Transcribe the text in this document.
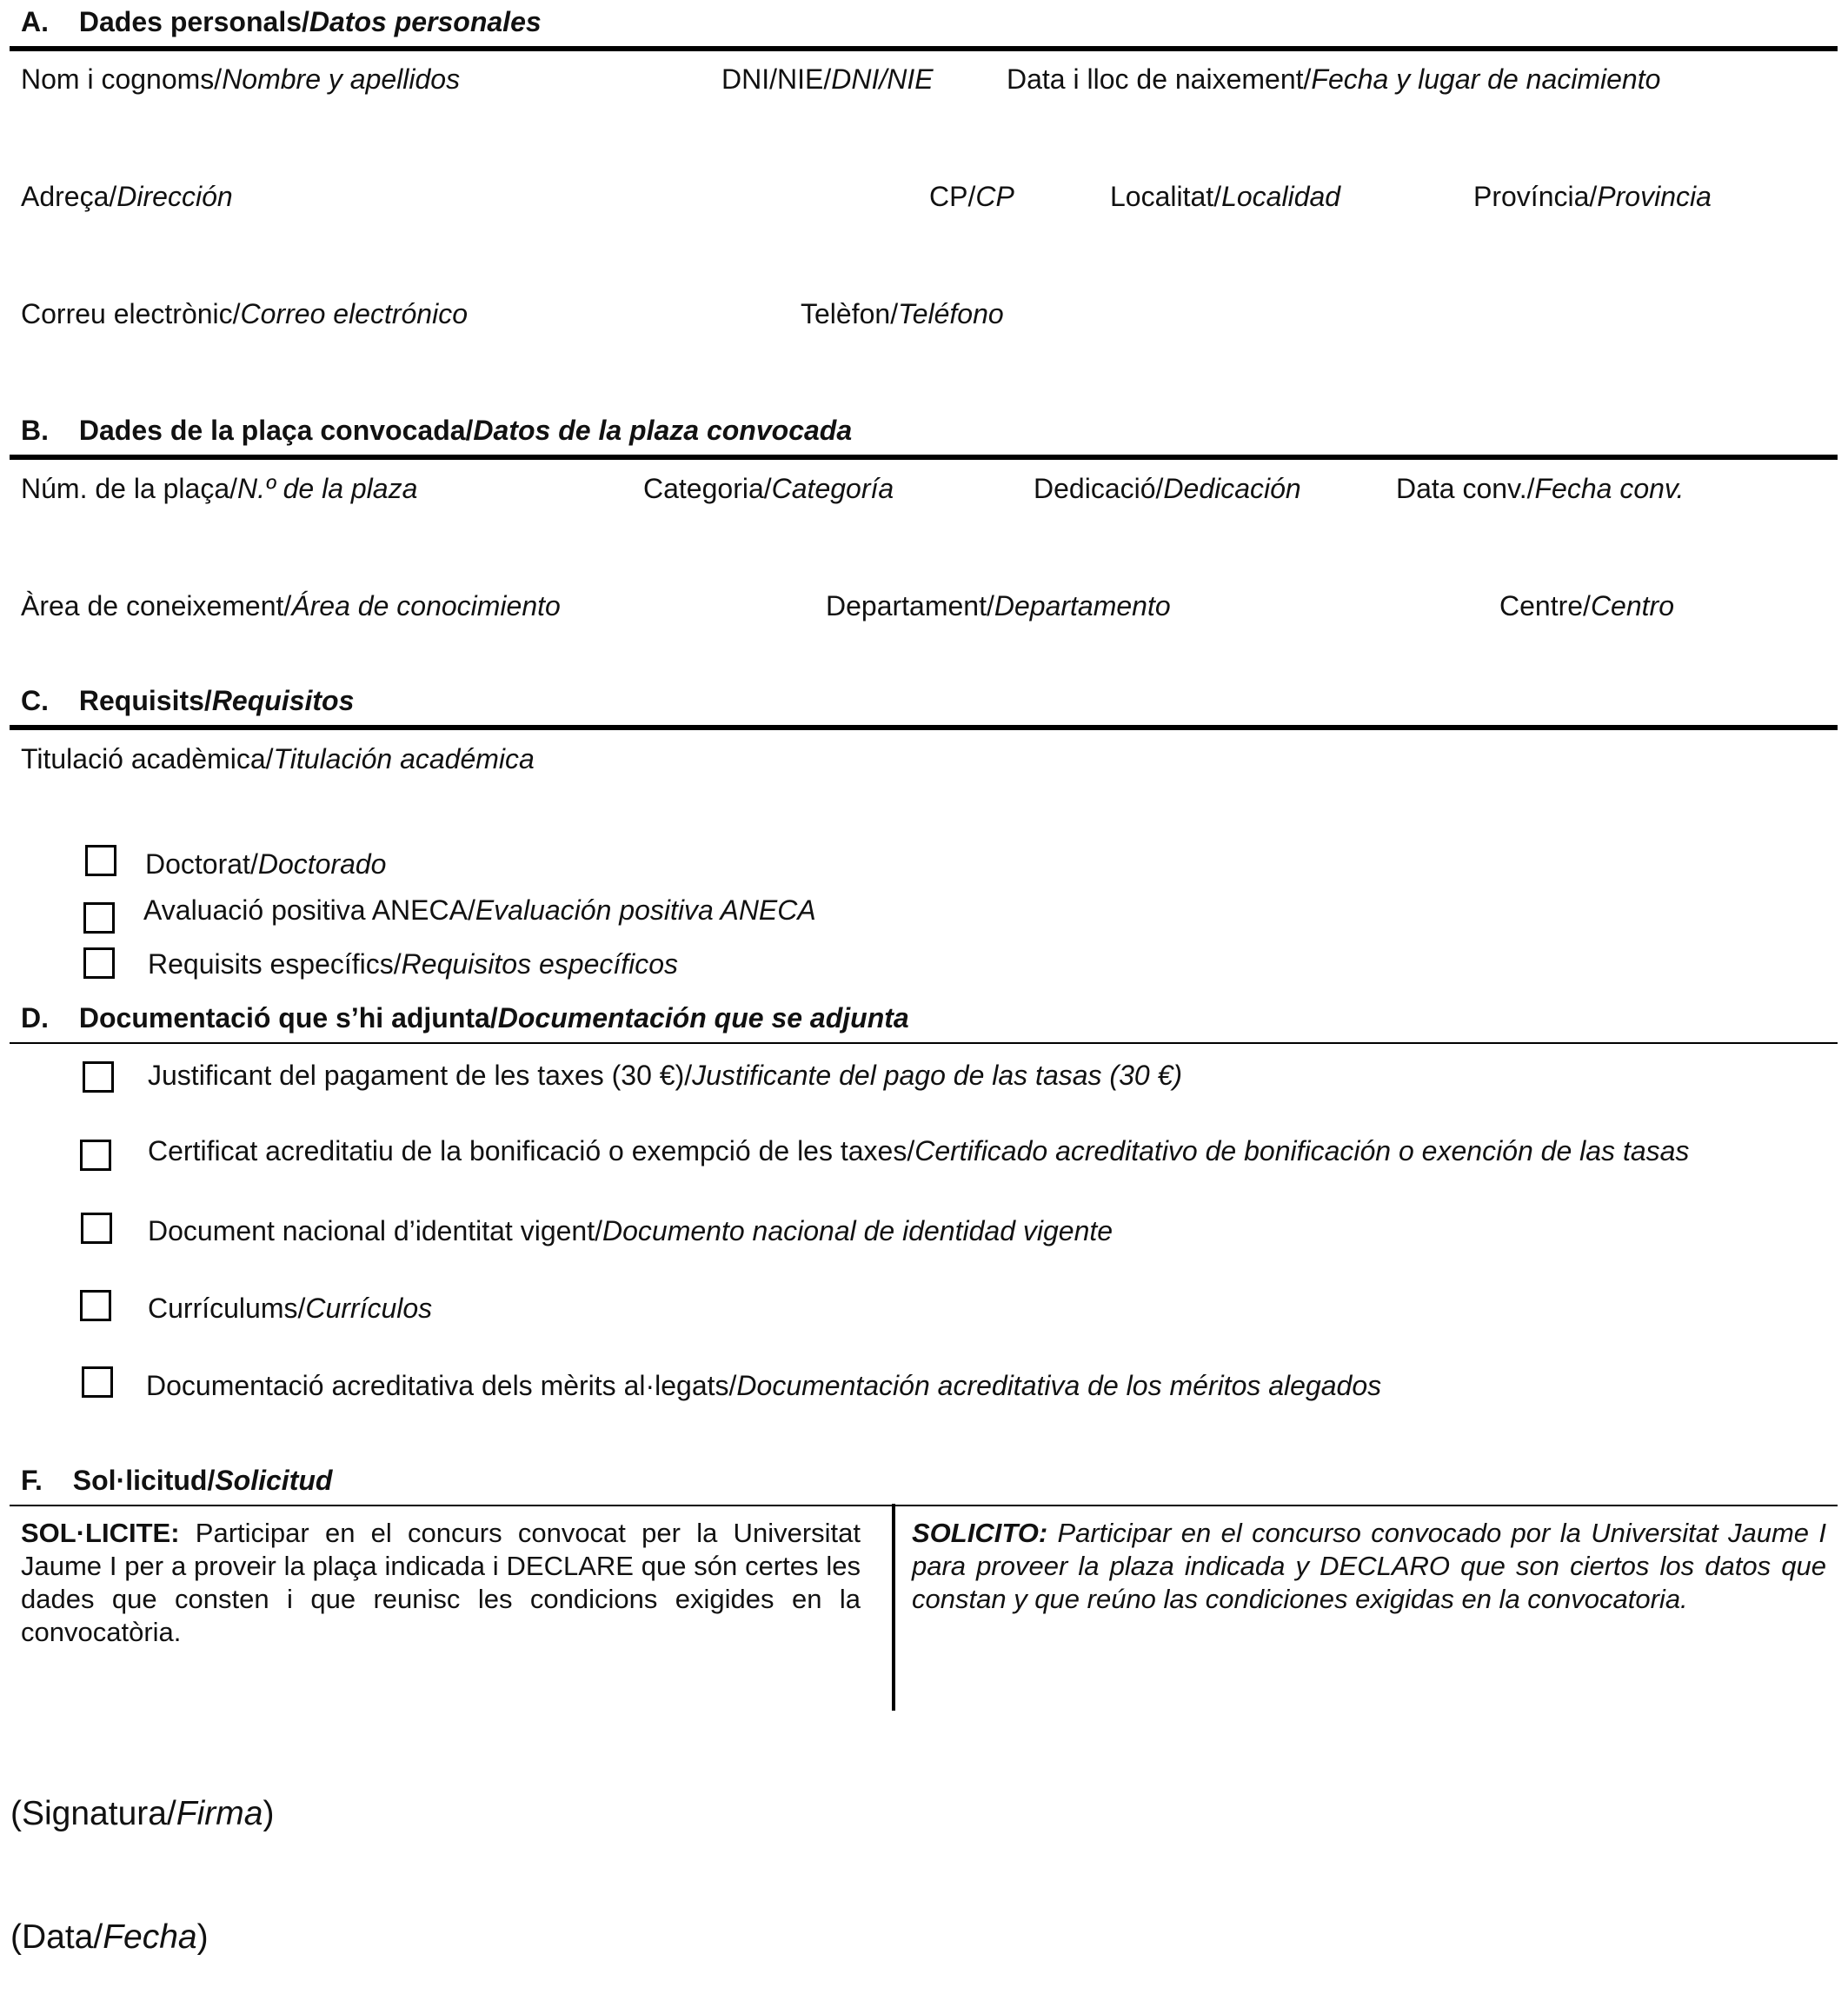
A. Dades personals/Datos personales
Nom i cognoms/Nombre y apellidos	DNI/NIE/DNI/NIE	Data i lloc de naixement/Fecha y lugar de nacimiento
Adreça/Dirección	CP/CP	Localitat/Localidad	Província/Provincia
Correu electrònic/Correo electrónico	Telèfon/Teléfono
B. Dades de la plaça convocada/Datos de la plaza convocada
Núm. de la plaça/N.º de la plaza	Categoria/Categoría	Dedicació/Dedicación	Data conv./Fecha conv.
Àrea de coneixement/Área de conocimiento	Departament/Departamento	Centre/Centro
C. Requisits/Requisitos
Titulació acadèmica/Titulación académica
Doctorat/Doctorado
Avaluació positiva ANECA/Evaluación positiva ANECA
Requisits específics/Requisitos específicos
D. Documentació que s’hi adjunta/Documentación que se adjunta
Justificant del pagament de les taxes (30 €)/Justificante del pago de las tasas (30 €)
Certificat acreditatiu de la bonificació o exempció de les taxes/Certificado acreditativo de bonificación o exención de las tasas
Document nacional d’identitat vigent/Documento nacional de identidad vigente
Currículums/Currículos
Documentació acreditativa dels mèrits al·legats/Documentación acreditativa de los méritos alegados
F. Sol·licitud/Solicitud
SOL·LICITE: Participar en el concurs convocat per la Universitat Jaume I per a proveir la plaça indicada i DECLARE que són certes les dades que consten i que reunisc les condicions exigides en la convocatòria.
SOLICITO: Participar en el concurso convocado por la Universitat Jaume I para proveer la plaza indicada y DECLARO que son ciertos los datos que constan y que reúno las condiciones exigidas en la convocatoria.
(Signatura/Firma)
(Data/Fecha)
